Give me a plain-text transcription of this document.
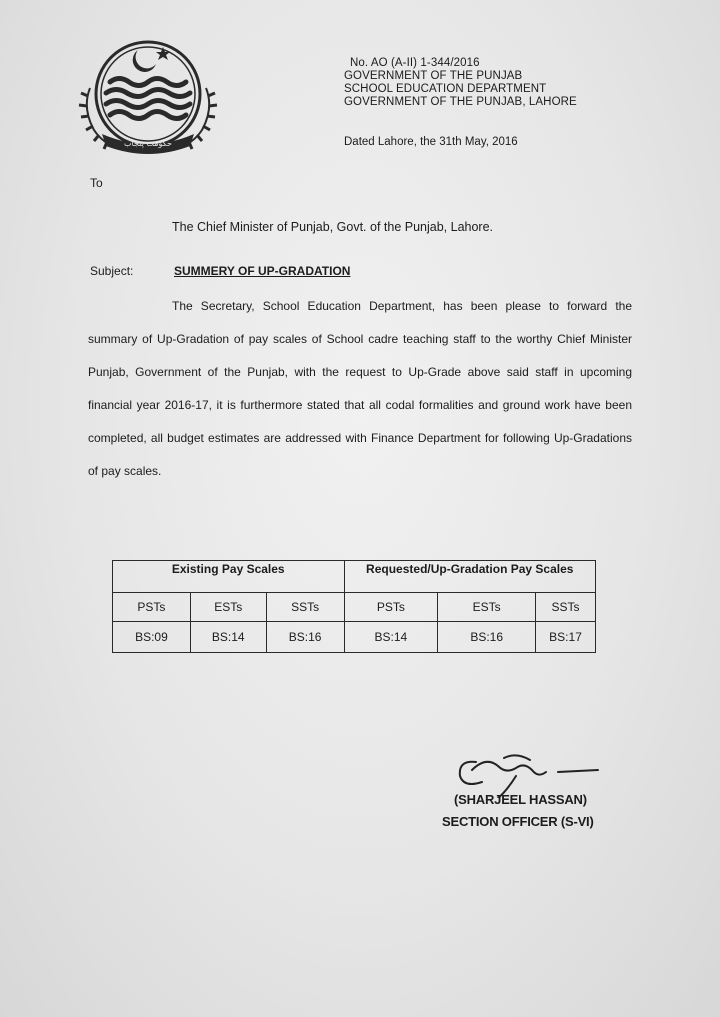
حکومت پنجاب
No. AO (A-II) 1-344/2016
GOVERNMENT OF THE PUNJAB
SCHOOL EDUCATION DEPARTMENT
GOVERNMENT OF THE PUNJAB, LAHORE
Dated Lahore, the 31th May, 2016
To
The Chief Minister of Punjab, Govt. of the Punjab, Lahore.
Subject:	SUMMERY OF UP-GRADATION
The Secretary, School Education Department, has been please to forward the summary of Up-Gradation of pay scales of School cadre teaching staff to the worthy Chief Minister Punjab, Government of the Punjab, with the request to Up-Grade above said staff in upcoming financial year 2016-17, it is furthermore stated that all codal formalities and ground work have been completed, all budget estimates are addressed with Finance Department for following Up-Gradations of pay scales.
Existing Pay Scales			Requested/Up-Gradation Pay Scales		
PSTs	ESTs	SSTs	PSTs	ESTs	SSTs
BS:09	BS:14	BS:16	BS:14	BS:16	BS:17
(SHARJEEL HASSAN)
SECTION OFFICER (S-VI)
